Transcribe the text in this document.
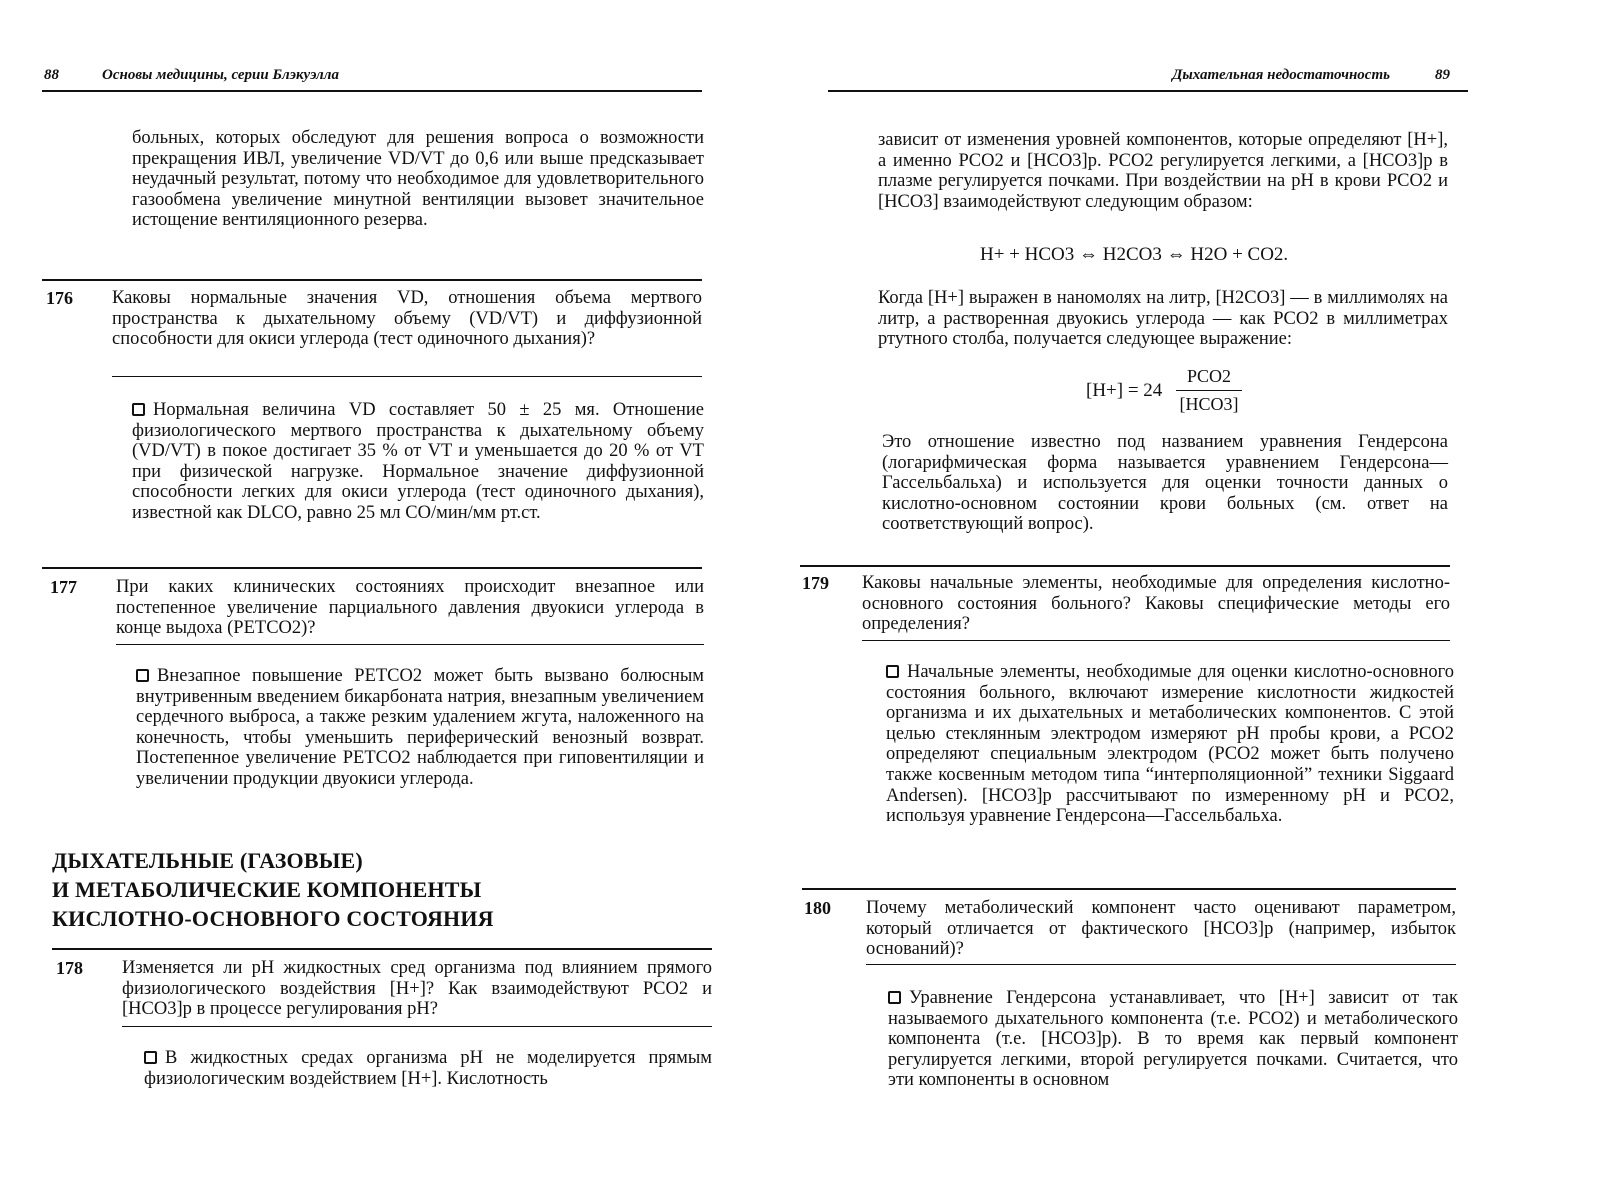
88	Основы медицины, серии Блэкуэлла

больных, которых обследуют для решения вопроса о возможности прекращения ИВЛ, увеличение VD/VT до 0,6 или выше предсказывает неудачный результат, потому что необходимое для удовлетворительного газообмена увеличение минутной вентиляции вызовет значительное истощение вентиляционного резерва.

176 Каковы нормальные значения VD, отношения объема мертвого пространства к дыхательному объему (VD/VT) и диффузионной способности для окиси углерода (тест одиночного дыхания)?

Нормальная величина VD составляет 50 ± 25 мя. Отношение физиологического мертвого пространства к дыхательному объему (VD/VT) в покое достигает 35 % от VT и уменьшается до 20 % от VT при физической нагрузке. Нормальное значение диффузионной способности легких для окиси углерода (тест одиночного дыхания), известной как DLCO, равно 25 мл CO/мин/мм рт.ст.

177 При каких клинических состояниях происходит внезапное или постепенное увеличение парциального давления двуокиси углерода в конце выдоха (PETCO2)?

Внезапное повышение PETCO2 может быть вызвано болюсным внутривенным введением бикарбоната натрия, внезапным увеличением сердечного выброса, а также резким удалением жгута, наложенного на конечность, чтобы уменьшить периферический венозный возврат. Постепенное увеличение PETCO2 наблюдается при гиповентиляции и увеличении продукции двуокиси углерода.

ДЫХАТЕЛЬНЫЕ (ГАЗОВЫЕ)
И МЕТАБОЛИЧЕСКИЕ КОМПОНЕНТЫ
КИСЛОТНО-ОСНОВНОГО СОСТОЯНИЯ
178 Изменяется ли pH жидкостных сред организма под влиянием прямого физиологического воздействия [H+]? Как взаимодействуют PCO2 и [HCO3]p в процессе регулирования pH?

В жидкостных средах организма pH не моделируется прямым физиологическим воздействием [H+]. Кислотность

Дыхательная недостаточность	89

зависит от изменения уровней компонентов, которые определяют [H+], а именно PCO2 и [HCO3]p. PCO2 регулируется легкими, а [HCO3]p в плазме регулируется почками. При воздействии на pH в крови PCO2 и [HCO3] взаимодействуют следующим образом:

H+ + HCO3 ⇔ H2CO3 ⇔ H2O + CO2.

Когда [H+] выражен в наномолях на литр, [H2CO3] — в миллимолях на литр, а растворенная двуокись углерода — как PCO2 в миллиметрах ртутного столба, получается следующее выражение:

[H+] = 24
PCO2
[HCO3]

Это отношение известно под названием уравнения Гендерсона (логарифмическая форма называется уравнением Гендерсона—Гассельбальха) и используется для оценки точности данных о кислотно-основном состоянии крови больных (см. ответ на соответствующий вопрос).

179 Каковы начальные элементы, необходимые для определения кислотно-основного состояния больного? Каковы специфические методы его определения?

Начальные элементы, необходимые для оценки кислотно-основного состояния больного, включают измерение кислотности жидкостей организма и их дыхательных и метаболических компонентов. С этой целью стеклянным электродом измеряют pH пробы крови, а PCO2 определяют специальным электродом (PCO2 может быть получено также косвенным методом типа “интерполяционной” техники Siggaard Andersen). [HCO3]p рассчитывают по измеренному pH и PCO2, используя уравнение Гендерсона—Гассельбальха.

180 Почему метаболический компонент часто оценивают параметром, который отличается от фактического [HCO3]p (например, избыток оснований)?

Уравнение Гендерсона устанавливает, что [H+] зависит от так называемого дыхательного компонента (т.е. PCO2) и метаболического компонента (т.е. [HCO3]p). В то время как первый компонент регулируется легкими, второй регулируется почками. Считается, что эти компоненты в основном
